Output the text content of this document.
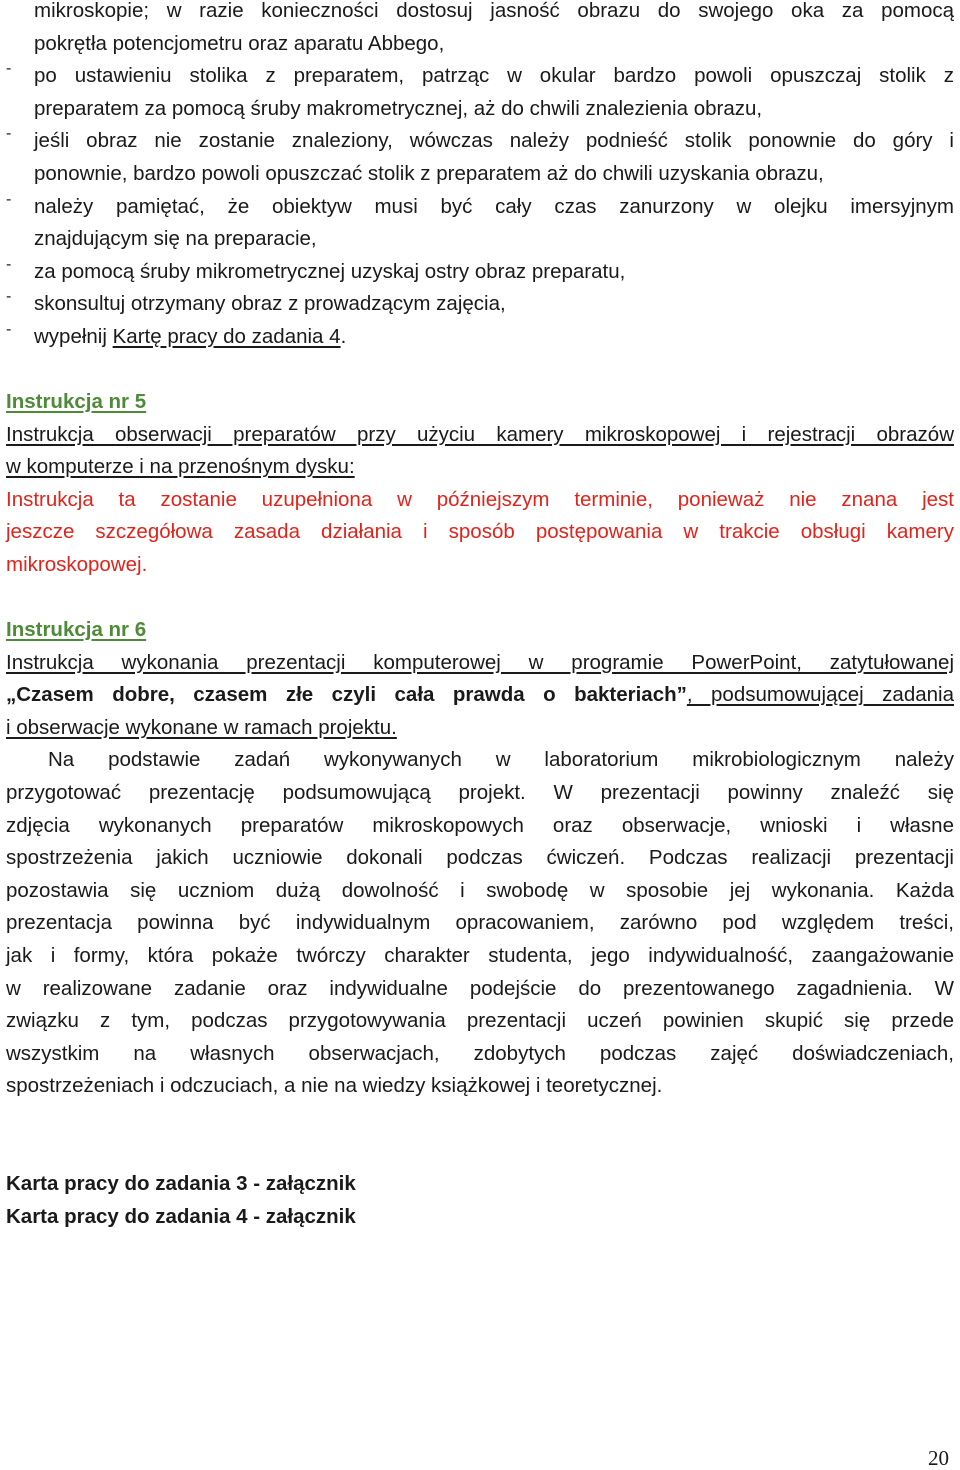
mikroskopie; w razie konieczności dostosuj jasność obrazu do swojego oka za pomocą

pokrętła potencjometru oraz aparatu Abbego,

-	po ustawieniu stolika z preparatem, patrząc w okular bardzo powoli opuszczaj stolik z

preparatem za pomocą śruby makrometrycznej, aż do chwili znalezienia obrazu,

-	jeśli obraz nie zostanie znaleziony, wówczas należy podnieść stolik ponownie do góry i

ponownie, bardzo powoli opuszczać stolik z preparatem aż do chwili uzyskania obrazu,

-	należy pamiętać, że obiektyw musi być cały czas zanurzony w olejku imersyjnym

znajdującym się na preparacie,

-	za pomocą śruby mikrometrycznej uzyskaj ostry obraz preparatu,

-	skonsultuj otrzymany obraz z prowadzącym zajęcia,

-	wypełnij Kartę pracy do zadania 4.

Instrukcja nr 5

Instrukcja obserwacji preparatów przy użyciu kamery mikroskopowej i rejestracji obrazów

w komputerze i na przenośnym dysku:

Instrukcja ta zostanie uzupełniona w późniejszym terminie, ponieważ nie znana jest

jeszcze szczegółowa zasada działania i sposób postępowania w trakcie obsługi kamery

mikroskopowej.

Instrukcja nr 6

Instrukcja wykonania prezentacji komputerowej w programie PowerPoint, zatytułowanej

„Czasem dobre, czasem złe czyli cała prawda o bakteriach”, podsumowującej zadania

i obserwacje wykonane w ramach projektu.

Na podstawie zadań wykonywanych w laboratorium mikrobiologicznym należy

przygotować prezentację podsumowującą projekt. W prezentacji powinny znaleźć się

zdjęcia wykonanych preparatów mikroskopowych oraz obserwacje, wnioski i własne

spostrzeżenia jakich uczniowie dokonali podczas ćwiczeń. Podczas realizacji prezentacji

pozostawia się uczniom dużą dowolność i swobodę w sposobie jej wykonania. Każda

prezentacja powinna być indywidualnym opracowaniem, zarówno pod względem treści,

jak i formy, która pokaże twórczy charakter studenta, jego indywidualność, zaangażowanie

w realizowane zadanie oraz indywidualne podejście do prezentowanego zagadnienia. W

związku z tym, podczas przygotowywania prezentacji uczeń powinien skupić się przede

wszystkim na własnych obserwacjach, zdobytych podczas zajęć doświadczeniach,

spostrzeżeniach i odczuciach, a nie na wiedzy książkowej i teoretycznej.

Karta pracy do zadania 3 - załącznik

Karta pracy do zadania 4 - załącznik

20
